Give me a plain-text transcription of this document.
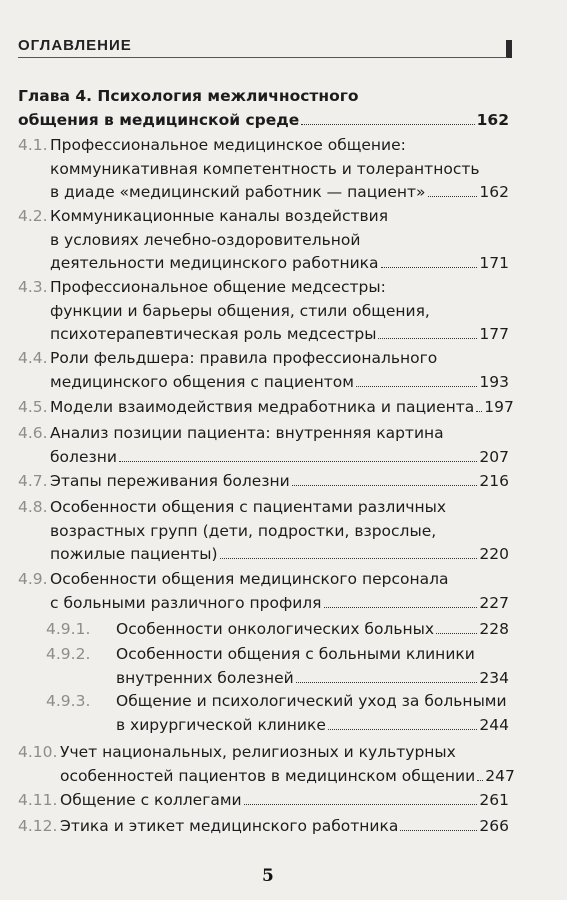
ОГЛАВЛЕНИЕ
Глава 4. Психология межличностного
общения в медицинской среде	162
4.1. Профессиональное медицинское общение:
коммуникативная компетентность и толерантность
в диаде «медицинский работник — пациент»	162
4.2. Коммуникационные каналы воздействия
в условиях лечебно-оздоровительной
деятельности медицинского работника	171
4.3. Профессиональное общение медсестры:
функции и барьеры общения, стили общения,
психотерапевтическая роль медсестры	177
4.4. Роли фельдшера: правила профессионального
медицинского общения с пациентом	193
4.5. Модели взаимодействия медработника и пациента 197
4.6. Анализ позиции пациента: внутренняя картина
болезни	207
4.7. Этапы переживания болезни	216
4.8. Особенности общения с пациентами различных
возрастных групп (дети, подростки, взрослые,
пожилые пациенты)	220
4.9. Особенности общения медицинского персонала
с больными различного профиля	227
4.9.1. Особенности онкологических больных	228
4.9.2. Особенности общения с больными клиники
внутренних болезней	234
4.9.3. Общение и психологический уход за больными
в хирургической клинике	244
4.10. Учет национальных, религиозных и культурных
особенностей пациентов в медицинском общении 247
4.11. Общение с коллегами	261
4.12. Этика и этикет медицинского работника	266
5
